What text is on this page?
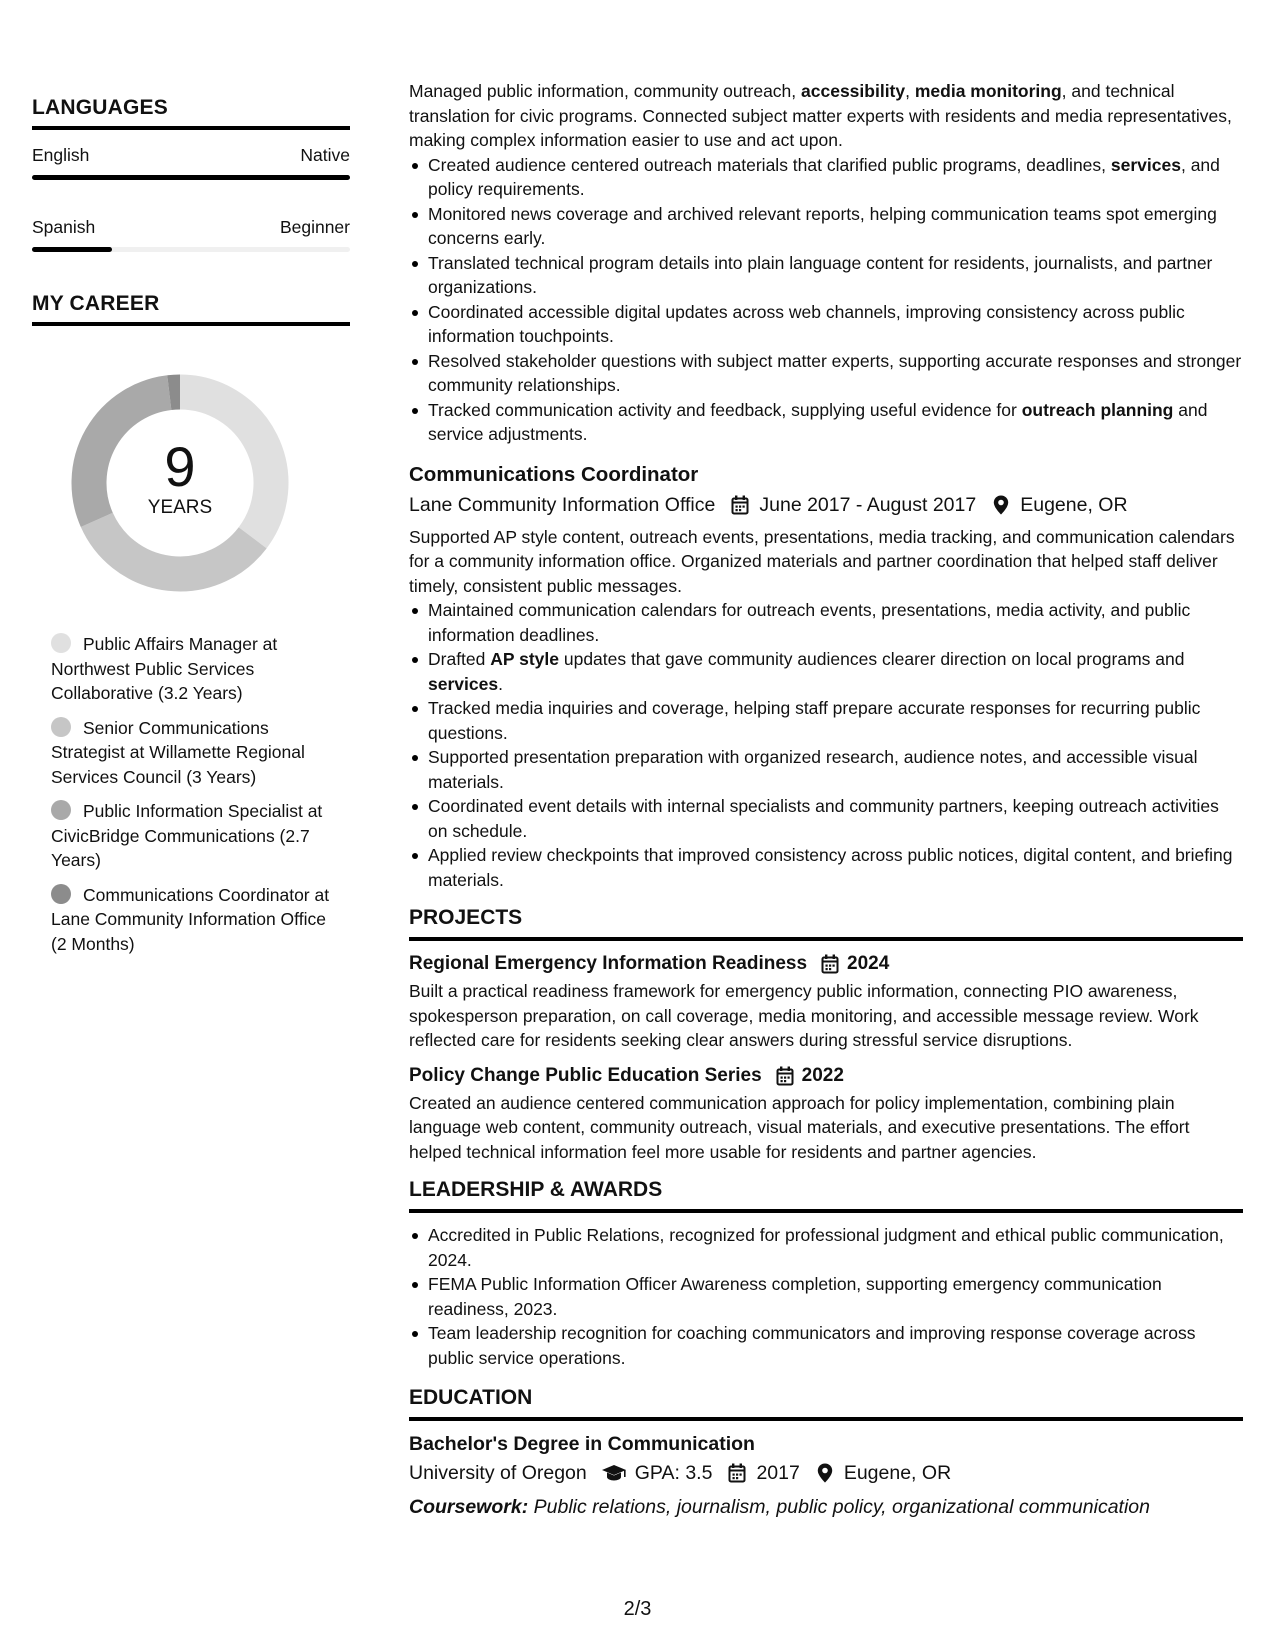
LANGUAGES
English	Native
Spanish	Beginner
MY CAREER
9
YEARS
Public Affairs Manager at Northwest Public Services Collaborative (3.2 Years)
Senior Communications Strategist at Willamette Regional Services Council (3 Years)
Public Information Specialist at CivicBridge Communications (2.7 Years)
Communications Coordinator at Lane Community Information Office (2 Months)

Managed public information, community outreach, accessibility, media monitoring, and technical translation for civic programs. Connected subject matter experts with residents and media representatives, making complex information easier to use and act upon.

Created audience centered outreach materials that clarified public programs, deadlines, services, and policy requirements.
Monitored news coverage and archived relevant reports, helping communication teams spot emerging concerns early.
Translated technical program details into plain language content for residents, journalists, and partner organizations.
Coordinated accessible digital updates across web channels, improving consistency across public information touchpoints.
Resolved stakeholder questions with subject matter experts, supporting accurate responses and stronger community relationships.
Tracked communication activity and feedback, supplying useful evidence for outreach planning and service adjustments.
Communications Coordinator
Lane Community Information Office June 2017 - August 2017 Eugene, OR

Supported AP style content, outreach events, presentations, media tracking, and communication calendars for a community information office. Organized materials and partner coordination that helped staff deliver timely, consistent public messages.

Maintained communication calendars for outreach events, presentations, media activity, and public information deadlines.
Drafted AP style updates that gave community audiences clearer direction on local programs and services.
Tracked media inquiries and coverage, helping staff prepare accurate responses for recurring public questions.
Supported presentation preparation with organized research, audience notes, and accessible visual materials.
Coordinated event details with internal specialists and community partners, keeping outreach activities on schedule.
Applied review checkpoints that improved consistency across public notices, digital content, and briefing materials.
PROJECTS
Regional Emergency Information Readiness 2024

Built a practical readiness framework for emergency public information, connecting PIO awareness, spokesperson preparation, on call coverage, media monitoring, and accessible message review. Work reflected care for residents seeking clear answers during stressful service disruptions.

Policy Change Public Education Series 2022

Created an audience centered communication approach for policy implementation, combining plain language web content, community outreach, visual materials, and executive presentations. The effort helped technical information feel more usable for residents and partner agencies.

LEADERSHIP & AWARDS
Accredited in Public Relations, recognized for professional judgment and ethical public communication, 2024.
FEMA Public Information Officer Awareness completion, supporting emergency communication readiness, 2023.
Team leadership recognition for coaching communicators and improving response coverage across public service operations.
EDUCATION
Bachelor's Degree in Communication
University of Oregon GPA: 3.5 2017 Eugene, OR
Coursework: Public relations, journalism, public policy, organizational communication
2/3
